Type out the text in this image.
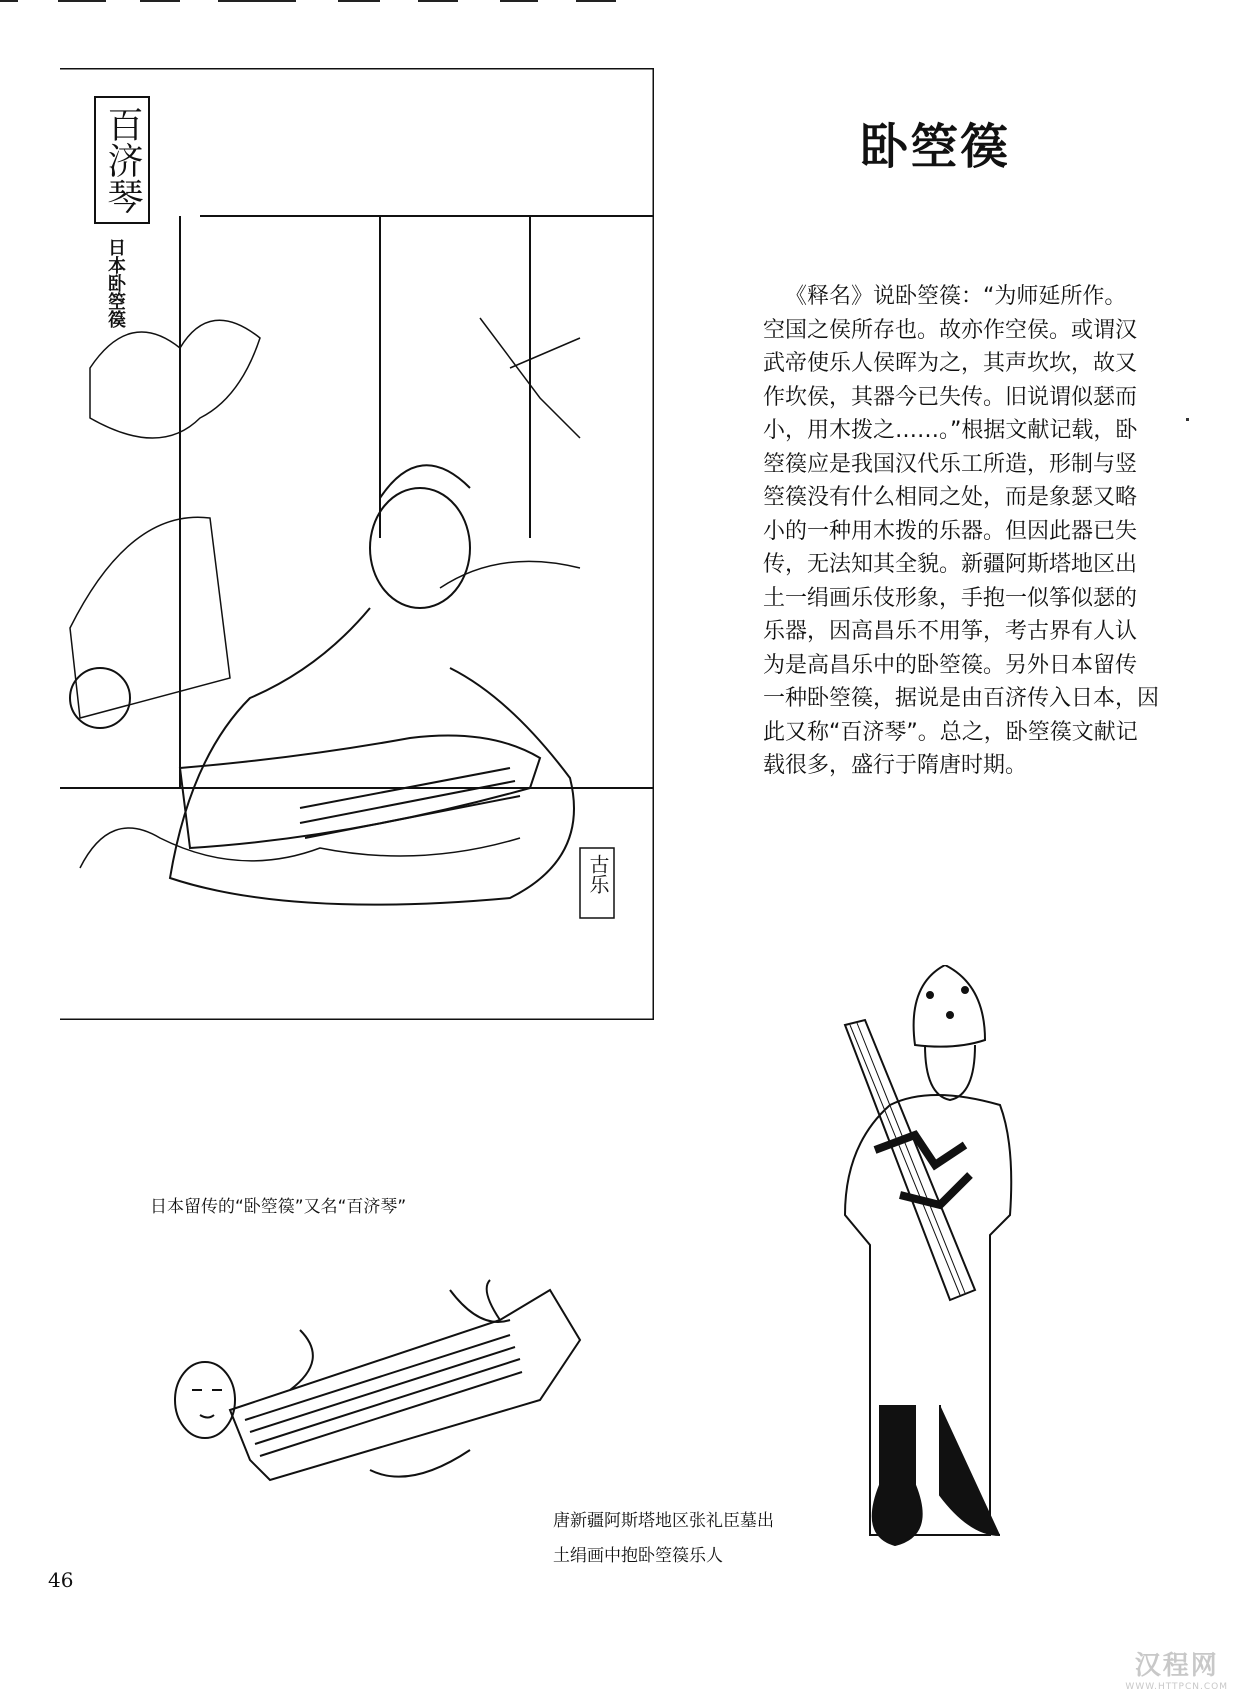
百济琴
日本卧箜篌
古乐
卧箜篌

《释名》说卧箜篌：“为师延所作。

空国之侯所存也。故亦作空侯。或谓汉

武帝使乐人侯晖为之，其声坎坎，故又

作坎侯，其器今已失传。旧说谓似瑟而

小，用木拨之……。”根据文献记载，卧

箜篌应是我国汉代乐工所造，形制与竖

箜篌没有什么相同之处，而是象瑟又略

小的一种用木拨的乐器。但因此器已失

传，无法知其全貌。新疆阿斯塔地区出

土一绢画乐伎形象，手抱一似筝似瑟的

乐器，因高昌乐不用筝，考古界有人认

为是高昌乐中的卧箜篌。另外日本留传

一种卧箜篌，据说是由百济传入日本，因

此又称“百济琴”。总之，卧箜篌文献记

载很多，盛行于隋唐时期。

日本留传的“卧箜篌”又名“百济琴”
唐新疆阿斯塔地区张礼臣墓出
土绢画中抱卧箜篌乐人
46
汉程网
WWW.HTTPCN.COM
